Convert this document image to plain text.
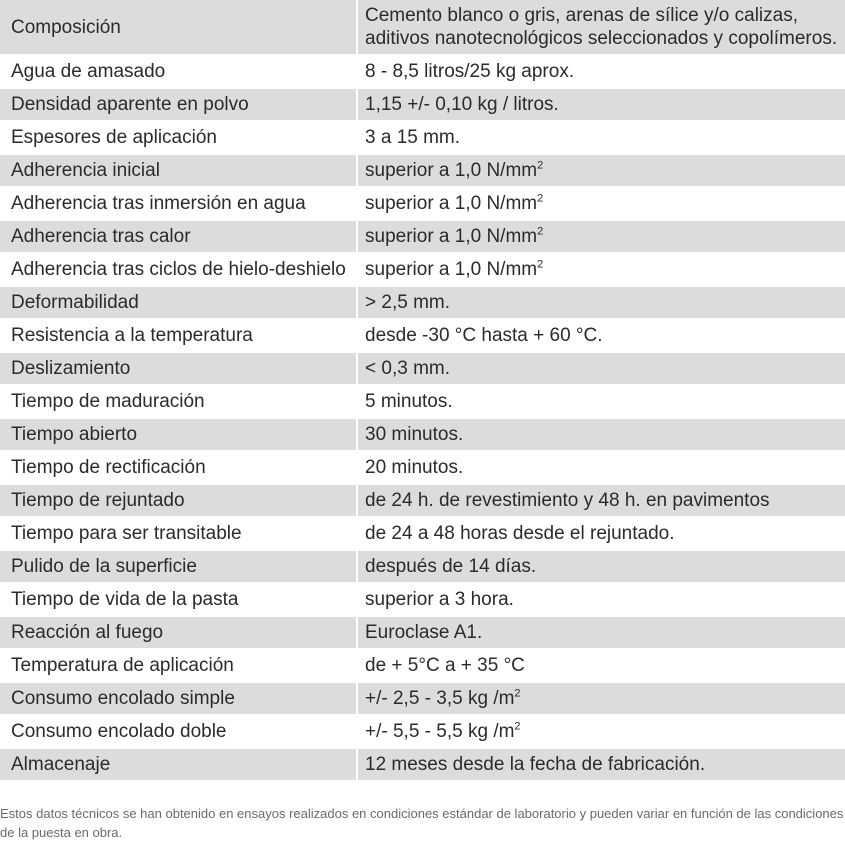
Composición	Cemento blanco o gris, arenas de sílice y/o calizas, aditivos nanotecnológicos seleccionados y copolímeros.
Agua de amasado	8 - 8,5 litros/25 kg aprox.
Densidad aparente en polvo	1,15 +/- 0,10 kg / litros.
Espesores de aplicación	3 a 15 mm.
Adherencia inicial	superior a 1,0 $N/mm^2$
Adherencia tras inmersión en agua	superior a 1,0 $N/mm^2$
Adherencia tras calor	superior a 1,0 $N/mm^2$
Adherencia tras ciclos de hielo-deshielo	superior a 1,0 $N/mm^2$
Deformabilidad	> 2,5 mm.
Resistencia a la temperatura	desde -30 °C hasta + 60 °C.
Deslizamiento	< 0,3 mm.
Tiempo de maduración	5 minutos.
Tiempo abierto	30 minutos.
Tiempo de rectificación	20 minutos.
Tiempo de rejuntado	de 24 h. de revestimiento y 48 h. en pavimentos
Tiempo para ser transitable	de 24 a 48 horas desde el rejuntado.
Pulido de la superficie	después de 14 días.
Tiempo de vida de la pasta	superior a 3 hora.
Reacción al fuego	Euroclase A1.
Temperatura de aplicación	de + 5°C a + 35 °C
Consumo encolado simple	+/- 2,5 - 3,5 kg $/m^2$
Consumo encolado doble	+/- 5,5 - 5,5 kg $/m^2$
Almacenaje	12 meses desde la fecha de fabricación.

Estos datos técnicos se han obtenido en ensayos realizados en condiciones estándar de laboratorio y pueden variar en función de las condiciones de la puesta en obra.
